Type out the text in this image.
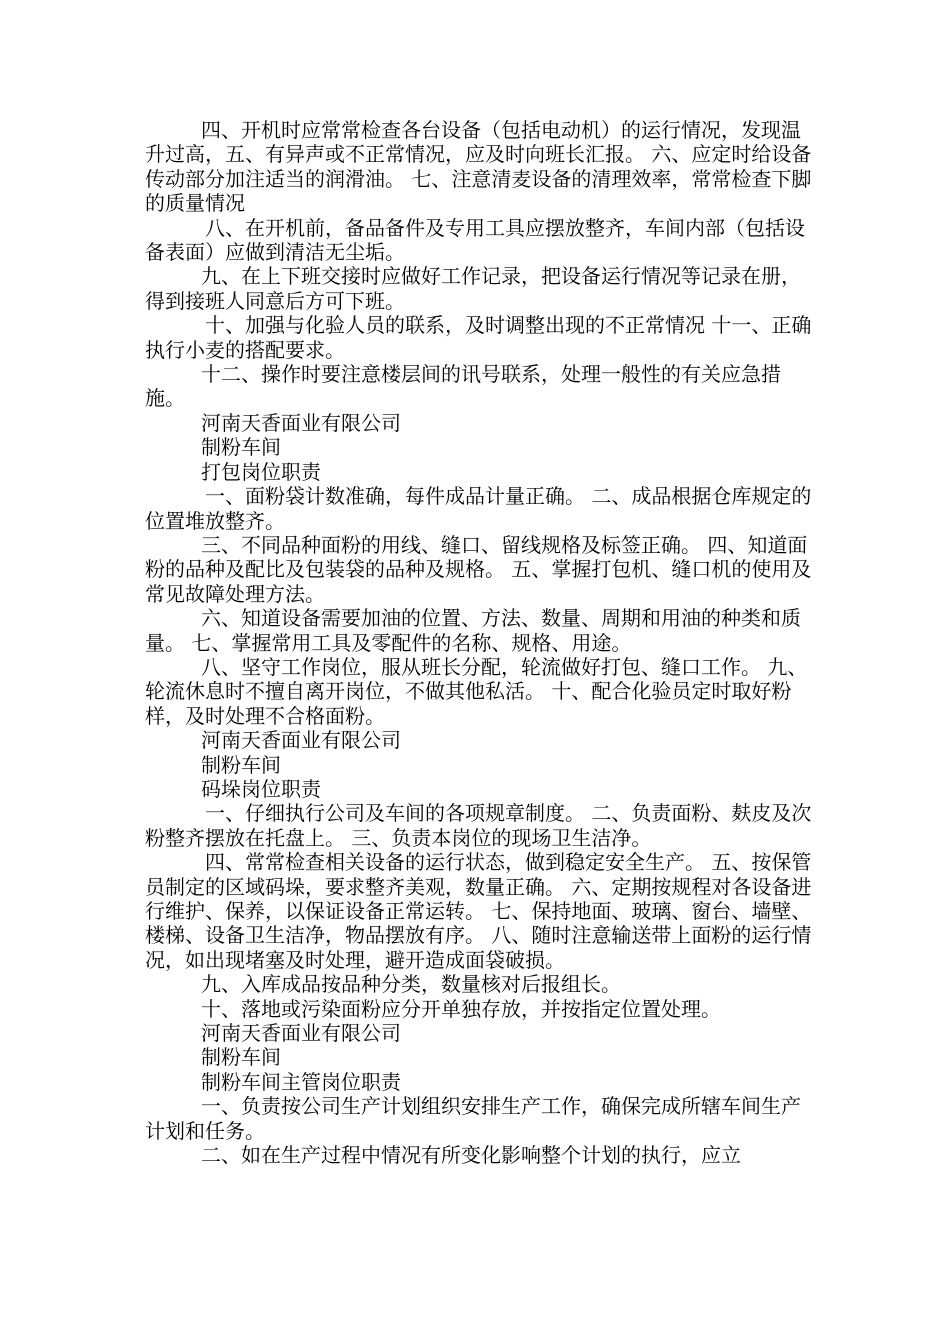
四、开机时应常常检查各台设备（包括电动机）的运行情况，发现温升过高，五、有异声或不正常情况，应及时向班长汇报。 六、应定时给设备传动部分加注适当的润滑油。 七、注意清麦设备的清理效率，常常检查下脚的质量情况

八、在开机前，备品备件及专用工具应摆放整齐，车间内部（包括设备表面）应做到清洁无尘垢。

九、在上下班交接时应做好工作记录，把设备运行情况等记录在册，得到接班人同意后方可下班。

十、加强与化验人员的联系，及时调整出现的不正常情况 十一、正确执行小麦的搭配要求。

十二、操作时要注意楼层间的讯号联系，处理一般性的有关应急措施。

河南天香面业有限公司

制粉车间

打包岗位职责

一、面粉袋计数准确，每件成品计量正确。 二、成品根据仓库规定的位置堆放整齐。

三、不同品种面粉的用线、缝口、留线规格及标签正确。 四、知道面粉的品种及配比及包装袋的品种及规格。 五、掌握打包机、缝口机的使用及常见故障处理方法。

六、知道设备需要加油的位置、方法、数量、周期和用油的种类和质量。 七、掌握常用工具及零配件的名称、规格、用途。

八、坚守工作岗位，服从班长分配，轮流做好打包、缝口工作。 九、轮流休息时不擅自离开岗位，不做其他私活。 十、配合化验员定时取好粉样，及时处理不合格面粉。

河南天香面业有限公司

制粉车间

码垛岗位职责

一、仔细执行公司及车间的各项规章制度。 二、负责面粉、麸皮及次粉整齐摆放在托盘上。 三、负责本岗位的现场卫生洁净。

四、常常检查相关设备的运行状态，做到稳定安全生产。 五、按保管员制定的区域码垛，要求整齐美观，数量正确。 六、定期按规程对各设备进行维护、保养，以保证设备正常运转。 七、保持地面、玻璃、窗台、墙壁、楼梯、设备卫生洁净，物品摆放有序。 八、随时注意输送带上面粉的运行情况，如出现堵塞及时处理，避开造成面袋破损。

九、入库成品按品种分类，数量核对后报组长。

十、落地或污染面粉应分开单独存放，并按指定位置处理。

河南天香面业有限公司

制粉车间

制粉车间主管岗位职责

一、负责按公司生产计划组织安排生产工作，确保完成所辖车间生产计划和任务。

二、如在生产过程中情况有所变化影响整个计划的执行，应立
